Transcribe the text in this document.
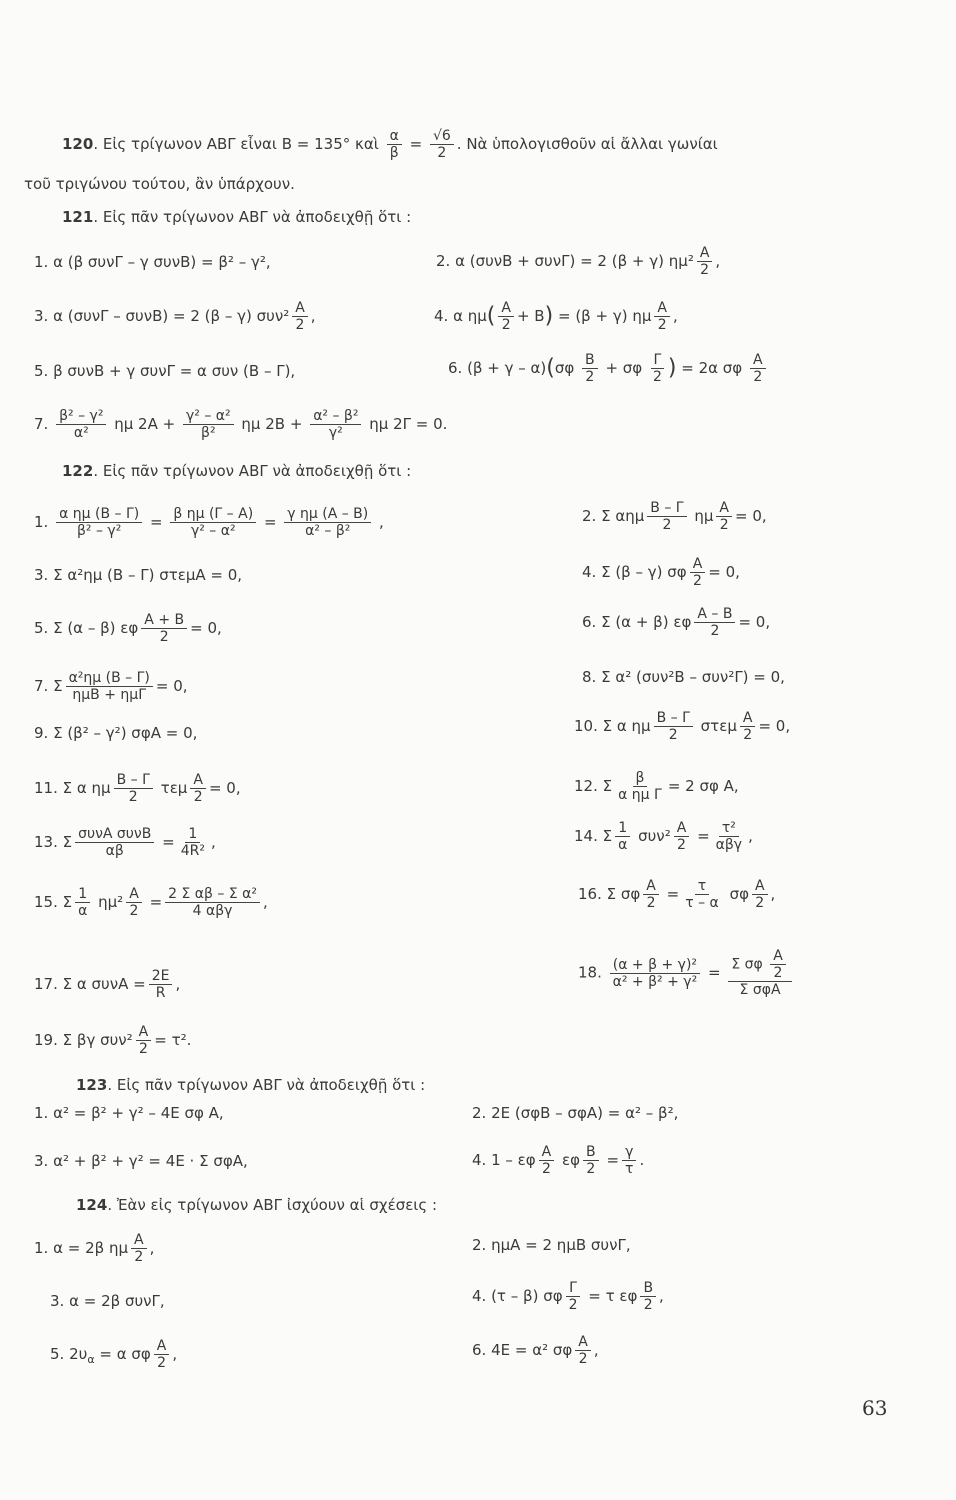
120. Εἰς τρίγωνον ΑΒΓ εἶναι Β = 135° καὶ $\frac{\alpha}{\beta} = \frac{√6}{2}$ . Νὰ ὑπολογισθοῦν αἱ ἄλλαι γωνίαι
τοῦ τριγώνου τούτου, ἂν ὑπάρχουν.
121. Εἰς πᾶν τρίγωνον ΑΒΓ νὰ ἀποδειχθῇ ὅτι :
1. α (β συνΓ – γ συνΒ) = β² – γ²,	2. α (συνΒ + συνΓ) = 2 (β + γ) $\eta\mu^2 \frac{A}{2}$ ,
3. α (συνΓ – συνΒ) = 2 (β – γ) $\sigma\upsilon\nu^2 \frac{A}{2}$ ,	4. α $\eta\mu( \frac{A}{2} + B) = (\beta + \gamma)$ ημ $\frac{A}{2}$ ,
5. β συνΒ + γ συνΓ = α συν (Β – Γ),	6. $(\beta + \gamma - \alpha)(\sigma\varphi \frac{B}{2} + \sigma\varphi \frac{\Gamma}{2}$ ) = 2α σφ $\frac{A}{2}$
7. $\frac{\text{β² – γ²}}{\text{α²}}$ ημ $2A + \frac{\text{γ² – α²}}{\text{β²}}$ ημ $2B + \frac{\text{α² – β²}}{\text{γ²}}$ ημ 2Γ = 0.
122. Εἰς πᾶν τρίγωνον ΑΒΓ νὰ ἀποδειχθῇ ὅτι :
1. $\frac{\text{α ημ (Β – Γ)}}{\text{β² – γ²}} = \frac{\text{β ημ (Γ – Α)}}{\text{γ² – α²}} = \frac{\text{γ ημ (Α – Β)}}{\text{α² – β²}}$ ,	2. Σ αημ $\frac{B - \Gamma}{2}$ ημ $\frac{A}{2} = 0$,
3. Σ α²ημ (Β – Γ) στεμΑ = 0,	4. Σ (β – γ) σφ $\frac{A}{2} = 0$,
5. Σ (α – β) εφ $\frac{A + B}{2} = 0$,	6. Σ (α + β) εφ $\frac{A - B}{2} = 0$,
7. Σ $\frac{\text{α²ημ (Β – Γ)}}{\text{ημΒ + ημΓ}} = 0$,	8. Σ α² (συν²Β – συν²Γ) = 0,
9. Σ (β² – γ²) σφΑ = 0,	10. Σ α ημ $\frac{B - \Gamma}{2}$ στεμ $\frac{A}{2} = 0$,
11. Σ α ημ $\frac{B - \Gamma}{2}$ τεμ $\frac{A}{2} = 0$,	12. Σ $\frac{\beta}{\text{α ημ Γ}} = 2$ σφ Α,
13. Σ $\frac{\text{συνΑ συνΒ}}{\alpha\beta} = \frac{1}{\text{4R²}}$ ,	14. Σ $\frac{1}{\alpha} \sigma\upsilon\nu^2 \frac{A}{2} = \frac{\text{τ²}}{\text{αβγ}}$ ,
15. Σ $\frac{1}{\alpha} \eta\mu^2 \frac{A}{2} = \frac{\text{2 Σ αβ – Σ α²}}{\text{4 αβγ}}$ ,	16. Σ σφ $\frac{A}{2} = \frac{\tau}{\tau - \alpha}$ σφ $\frac{A}{2}$ ,
17. Σ α $\sigma\upsilon\nu A = \frac{2E}{R}$ ,
18. $\frac{\text{(α + β + γ)²}}{\text{α² + β² + γ²}} = \frac{\Sigma \sigma\varphi \frac{A}{2}}{\text{Σ σφΑ}}$
19. Σ βγ $\sigma\upsilon\nu^2 \frac{A}{2} = \tau^2$.
123. Εἰς πᾶν τρίγωνον ΑΒΓ νὰ ἀποδειχθῇ ὅτι :
1. α² = β² + γ² – 4Ε σφ Α,	2. 2Ε (σφΒ – σφΑ) = α² – β²,
3. α² + β² + γ² = 4Ε · Σ σφΑ,	4. 1 – εφ $\frac{A}{2}$ εφ $\frac{B}{2} = \frac{\gamma}{\tau}$ .
124. Ἐὰν εἰς τρίγωνον ΑΒΓ ἰσχύουν αἱ σχέσεις :
1. α = 2β ημ $\frac{A}{2}$ ,	2. ημΑ = 2 ημΒ συνΓ,
3. α = 2β συνΓ,	4. (τ – β) σφ $\frac{\Gamma}{2} = \tau$ εφ $\frac{B}{2}$ ,
5. $2\upsilon_\alpha = \alpha$ σφ $\frac{A}{2}$ ,	6. 4Ε = α² σφ $\frac{A}{2}$ ,
63
